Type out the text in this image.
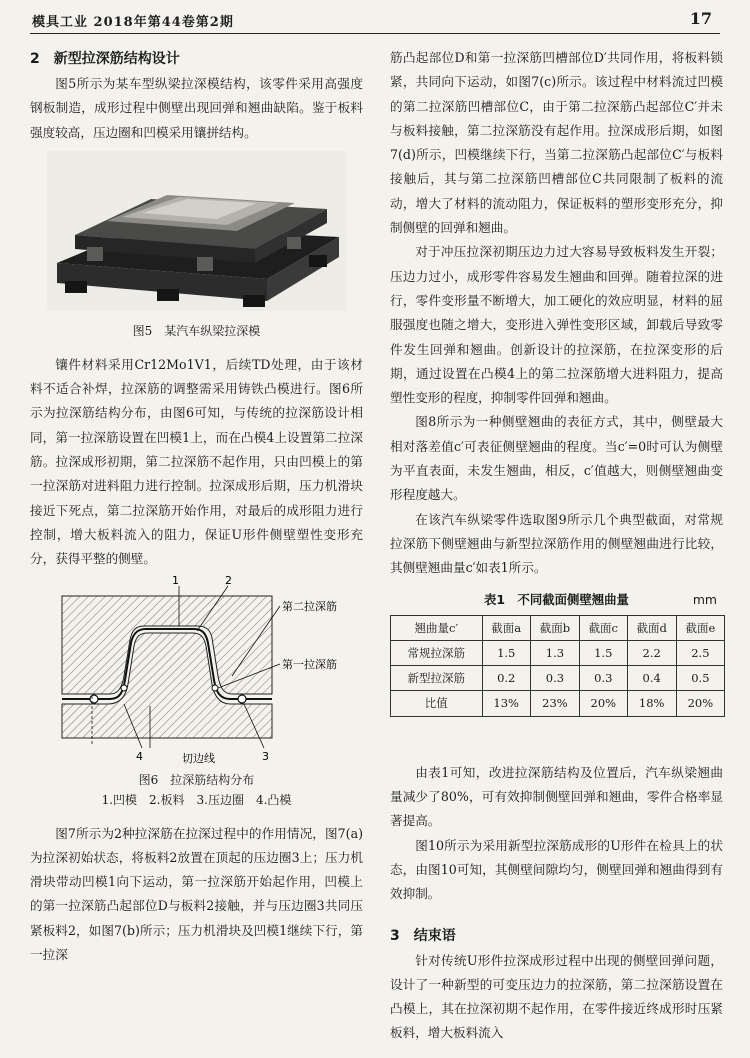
模具工业 2018年第44卷第2期	17
2 新型拉深筋结构设计

图5所示为某车型纵梁拉深模结构，该零件采用高强度钢板制造，成形过程中侧壁出现回弹和翘曲缺陷。鉴于板料强度较高，压边圈和凹模采用镶拼结构。

图5　某汽车纵梁拉深模

镶件材料采用Cr12Mo1V1，后续TD处理，由于该材料不适合补焊，拉深筋的调整需采用铸铁凸模进行。图6所示为拉深筋结构分布，由图6可知，与传统的拉深筋设计相同，第一拉深筋设置在凹模1上，而在凸模4上设置第二拉深筋。拉深成形初期，第二拉深筋不起作用，只由凹模上的第一拉深筋对进料阻力进行控制。拉深成形后期，压力机滑块接近下死点，第二拉深筋开始作用，对最后的成形阻力进行控制，增大板料流入的阻力，保证U形件侧壁塑性变形充分，获得平整的侧壁。

1	2
第二拉深筋
第一拉深筋
4	切边线	3
图6　拉深筋结构分布
1.凹模　2.板料　3.压边圈　4.凸模

图7所示为2种拉深筋在拉深过程中的作用情况，图7(a)为拉深初始状态，将板料2放置在顶起的压边圈3上；压力机滑块带动凹模1向下运动，第一拉深筋开始起作用，凹模上的第一拉深筋凸起部位D与板料2接触，并与压边圈3共同压紧板料2，如图7(b)所示；压力机滑块及凹模1继续下行，第一拉深

筋凸起部位D和第一拉深筋凹槽部位D′共同作用，将板料锁紧，共同向下运动，如图7(c)所示。该过程中材料流过凹模的第二拉深筋凹槽部位C，由于第二拉深筋凸起部位C′并未与板料接触，第二拉深筋没有起作用。拉深成形后期，如图7(d)所示，凹模继续下行，当第二拉深筋凸起部位C′与板料接触后，其与第二拉深筋凹槽部位C共同限制了板料的流动，增大了材料的流动阻力，保证板料的塑形变形充分，抑制侧壁的回弹和翘曲。

对于冲压拉深初期压边力过大容易导致板料发生开裂；压边力过小，成形零件容易发生翘曲和回弹。随着拉深的进行，零件变形量不断增大，加工硬化的效应明显，材料的屈服强度也随之增大，变形进入弹性变形区域，卸载后导致零件发生回弹和翘曲。创新设计的拉深筋，在拉深变形的后期，通过设置在凸模4上的第二拉深筋增大进料阻力，提高塑性变形的程度，抑制零件回弹和翘曲。

图8所示为一种侧壁翘曲的表征方式，其中，侧壁最大相对落差值c′可表征侧壁翘曲的程度。当c′=0时可认为侧壁为平直表面，未发生翘曲，相反，c′值越大，则侧壁翘曲变形程度越大。

在该汽车纵梁零件选取图9所示几个典型截面，对常规拉深筋下侧壁翘曲与新型拉深筋作用的侧壁翘曲进行比较，其侧壁翘曲量c′如表1所示。

表1　不同截面侧壁翘曲量	mm
翘曲量c′	截面a	截面b	截面c	截面d	截面e
常规拉深筋	1.5	1.3	1.5	2.2	2.5
新型拉深筋	0.2	0.3	0.3	0.4	0.5
比值	13%	23%	20%	18%	20%

由表1可知，改进拉深筋结构及位置后，汽车纵梁翘曲量减少了80%，可有效抑制侧壁回弹和翘曲，零件合格率显著提高。

图10所示为采用新型拉深筋成形的U形件在检具上的状态，由图10可知，其侧壁间隙均匀，侧壁回弹和翘曲得到有效抑制。

3 结束语

针对传统U形件拉深成形过程中出现的侧壁回弹问题，设计了一种新型的可变压边力的拉深筋，第二拉深筋设置在凸模上，其在拉深初期不起作用，在零件接近终成形时压紧板料，增大板料流入
